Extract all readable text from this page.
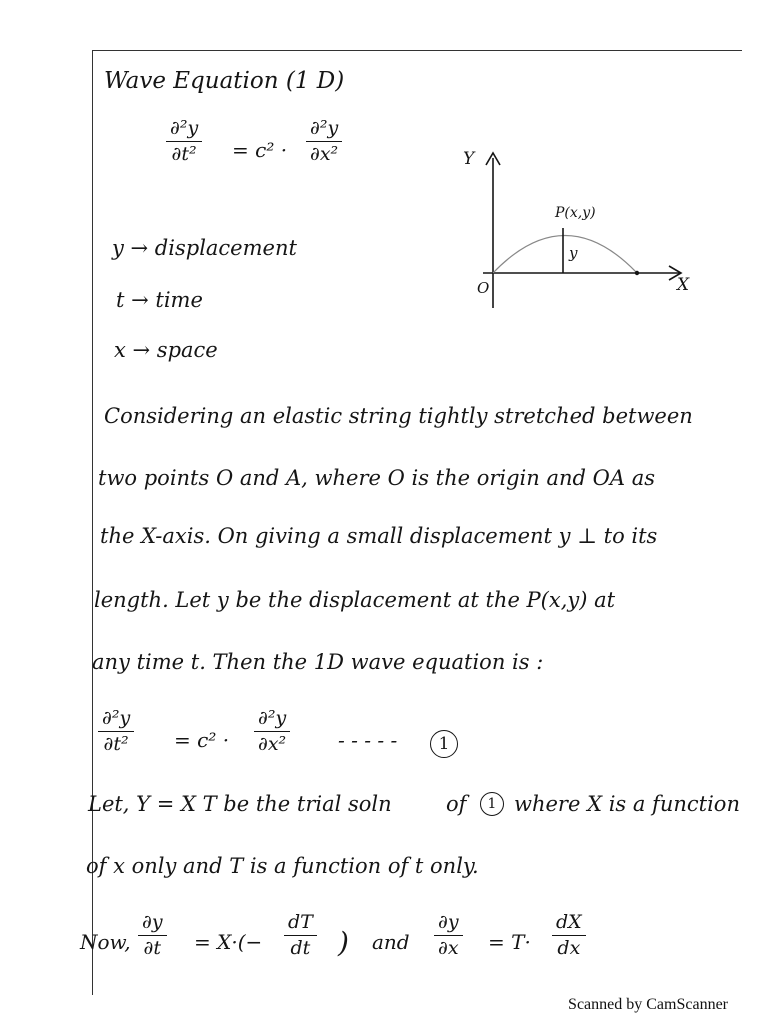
Wave Equation (1 D)
$\frac{\text{∂²y}}{\text{∂t²}} = c^2 \cdot \frac{\text{∂²y}}{\text{∂x²}}$
y → displacement
t → time
x → space
Y
X
O
P(x,y)
y
Considering an elastic string tightly stretched between
two points O and A, where O is the origin and OA as
the X-axis. On giving a small displacement y ⊥ to its
length. Let y be the displacement at the P(x,y) at
any time t. Then the 1D wave equation is :
$\frac{\text{∂²y}}{\text{∂t²}} = c^2 \cdot \frac{\text{∂²y}}{\text{∂x²}}$ - - - - -	1
Let, Y = X T be the trial soln	of	1 where X is a function
of x only and T is a function of t only.
Now, $\frac{\partial y}{\partial t} = X\cdot(- \frac{dT}{dt}$ ) and $\frac{\partial y}{\partial x} = T\cdot \frac{dX}{dx}$
Scanned by CamScanner
